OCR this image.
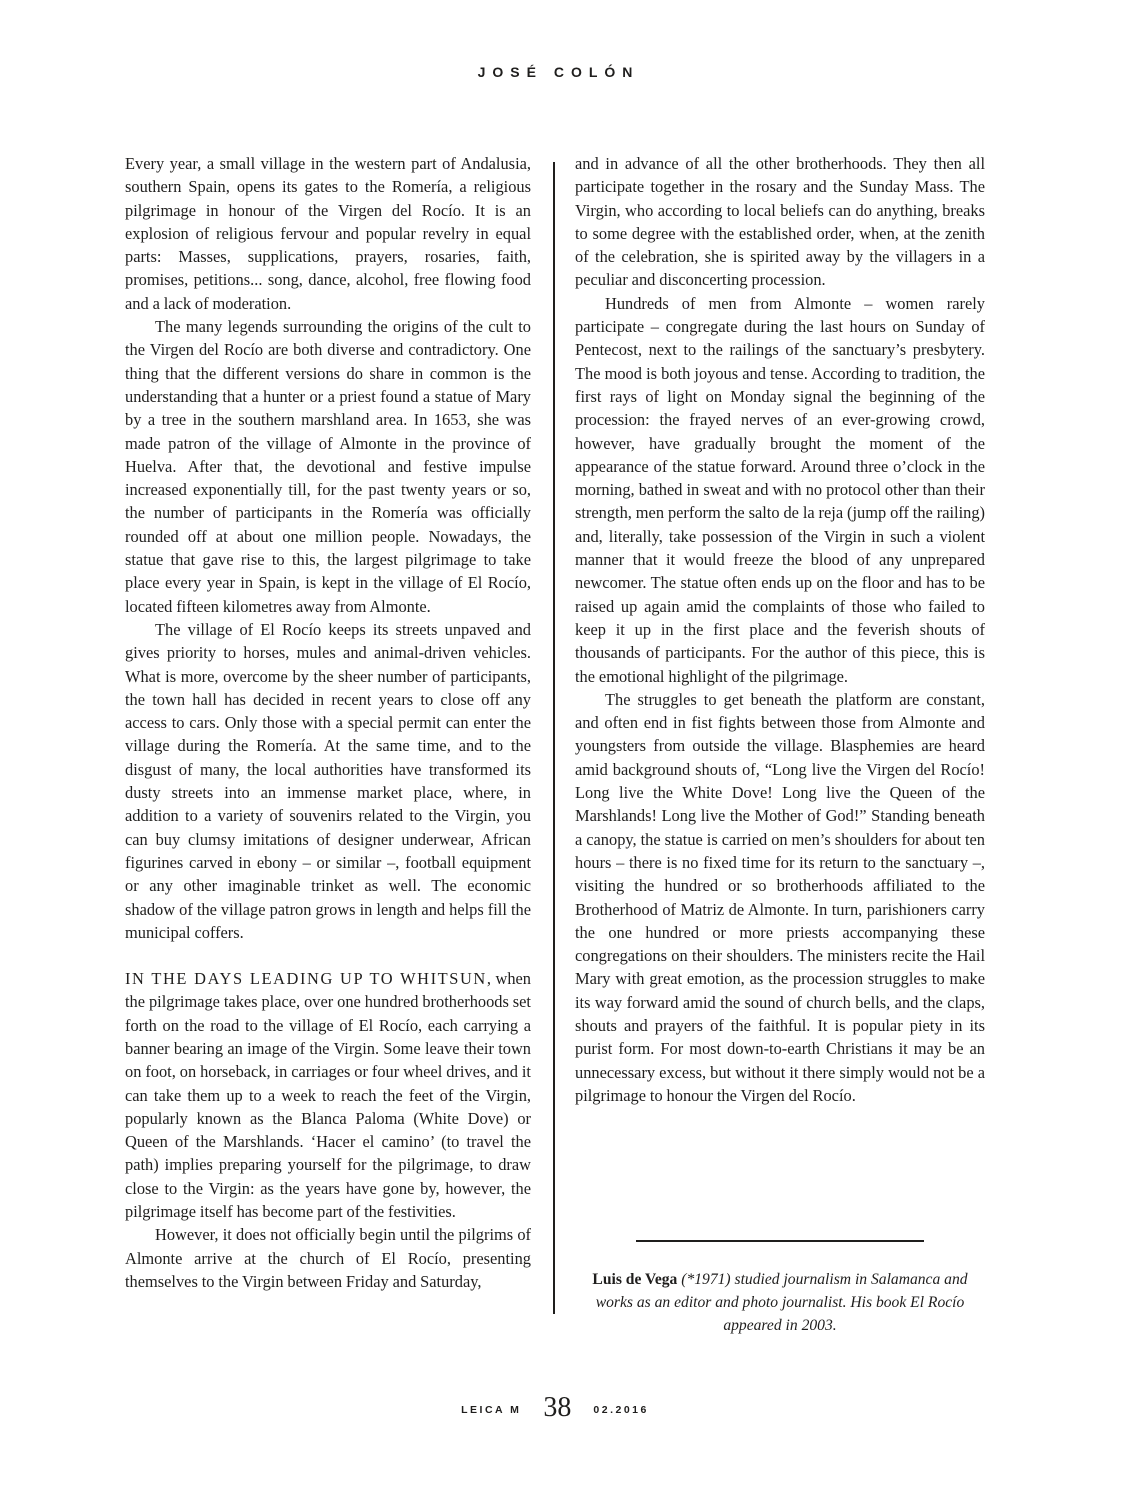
JOSÉ COLÓN

Every year, a small village in the western part of Andalusia, southern Spain, opens its gates to the Romería, a religious pilgrimage in honour of the Virgen del Rocío. It is an explosion of religious fervour and popular revelry in equal parts: Masses, supplications, prayers, rosaries, faith, promises, petitions... song, dance, alcohol, free flowing food and a lack of moderation.

The many legends surrounding the origins of the cult to the Virgen del Rocío are both diverse and contradictory. One thing that the different versions do share in common is the understanding that a hunter or a priest found a statue of Mary by a tree in the southern marshland area. In 1653, she was made patron of the village of Almonte in the province of Huelva. After that, the devotional and festive impulse increased exponentially till, for the past twenty years or so, the number of participants in the Romería was officially rounded off at about one million people. Nowadays, the statue that gave rise to this, the largest pilgrimage to take place every year in Spain, is kept in the village of El Rocío, located fifteen kilometres away from Almonte.

The village of El Rocío keeps its streets unpaved and gives priority to horses, mules and animal-driven vehicles. What is more, overcome by the sheer number of participants, the town hall has decided in recent years to close off any access to cars. Only those with a special permit can enter the village during the Romería. At the same time, and to the disgust of many, the local authorities have transformed its dusty streets into an immense market place, where, in addition to a variety of souvenirs related to the Virgin, you can buy clumsy imitations of designer underwear, African figurines carved in ebony – or similar –, football equipment or any other imaginable trinket as well. The economic shadow of the village patron grows in length and helps fill the municipal coffers.

IN THE DAYS LEADING UP TO WHITSUN, when the pilgrimage takes place, over one hundred brotherhoods set forth on the road to the village of El Rocío, each carrying a banner bearing an image of the Virgin. Some leave their town on foot, on horseback, in carriages or four wheel drives, and it can take them up to a week to reach the feet of the Virgin, popularly known as the Blanca Paloma (White Dove) or Queen of the Marshlands. ‘Hacer el camino’ (to travel the path) implies preparing yourself for the pilgrimage, to draw close to the Virgin: as the years have gone by, however, the pilgrimage itself has become part of the festivities.

However, it does not officially begin until the pilgrims of Almonte arrive at the church of El Rocío, presenting themselves to the Virgin between Friday and Saturday,

and in advance of all the other brotherhoods. They then all participate together in the rosary and the Sunday Mass. The Virgin, who according to local beliefs can do anything, breaks to some degree with the established order, when, at the zenith of the celebration, she is spirited away by the villagers in a peculiar and disconcerting procession.

Hundreds of men from Almonte – women rarely participate – congregate during the last hours on Sunday of Pentecost, next to the railings of the sanctuary’s presbytery. The mood is both joyous and tense. According to tradition, the first rays of light on Monday signal the beginning of the procession: the frayed nerves of an ever-growing crowd, however, have gradually brought the moment of the appearance of the statue forward. Around three o’clock in the morning, bathed in sweat and with no protocol other than their strength, men perform the salto de la reja (jump off the railing) and, literally, take possession of the Virgin in such a violent manner that it would freeze the blood of any unprepared newcomer. The statue often ends up on the floor and has to be raised up again amid the complaints of those who failed to keep it up in the first place and the feverish shouts of thousands of participants. For the author of this piece, this is the emotional highlight of the pilgrimage.

The struggles to get beneath the platform are constant, and often end in fist fights between those from Almonte and youngsters from outside the village. Blasphemies are heard amid background shouts of, “Long live the Virgen del Rocío! Long live the White Dove! Long live the Queen of the Marshlands! Long live the Mother of God!” Standing beneath a canopy, the statue is carried on men’s shoulders for about ten hours – there is no fixed time for its return to the sanctuary –, visiting the hundred or so brotherhoods affiliated to the Brotherhood of Matriz de Almonte. In turn, parishioners carry the one hundred or more priests accompanying these congregations on their shoulders. The ministers recite the Hail Mary with great emotion, as the procession struggles to make its way forward amid the sound of church bells, and the claps, shouts and prayers of the faithful. It is popular piety in its purist form. For most down-to-earth Christians it may be an unnecessary excess, but without it there simply would not be a pilgrimage to honour the Virgen del Rocío.

Luis de Vega (*1971) studied journalism in Salamanca and works as an editor and photo journalist. His book El Rocío appeared in 2003.
LEICA M 38 02.2016
